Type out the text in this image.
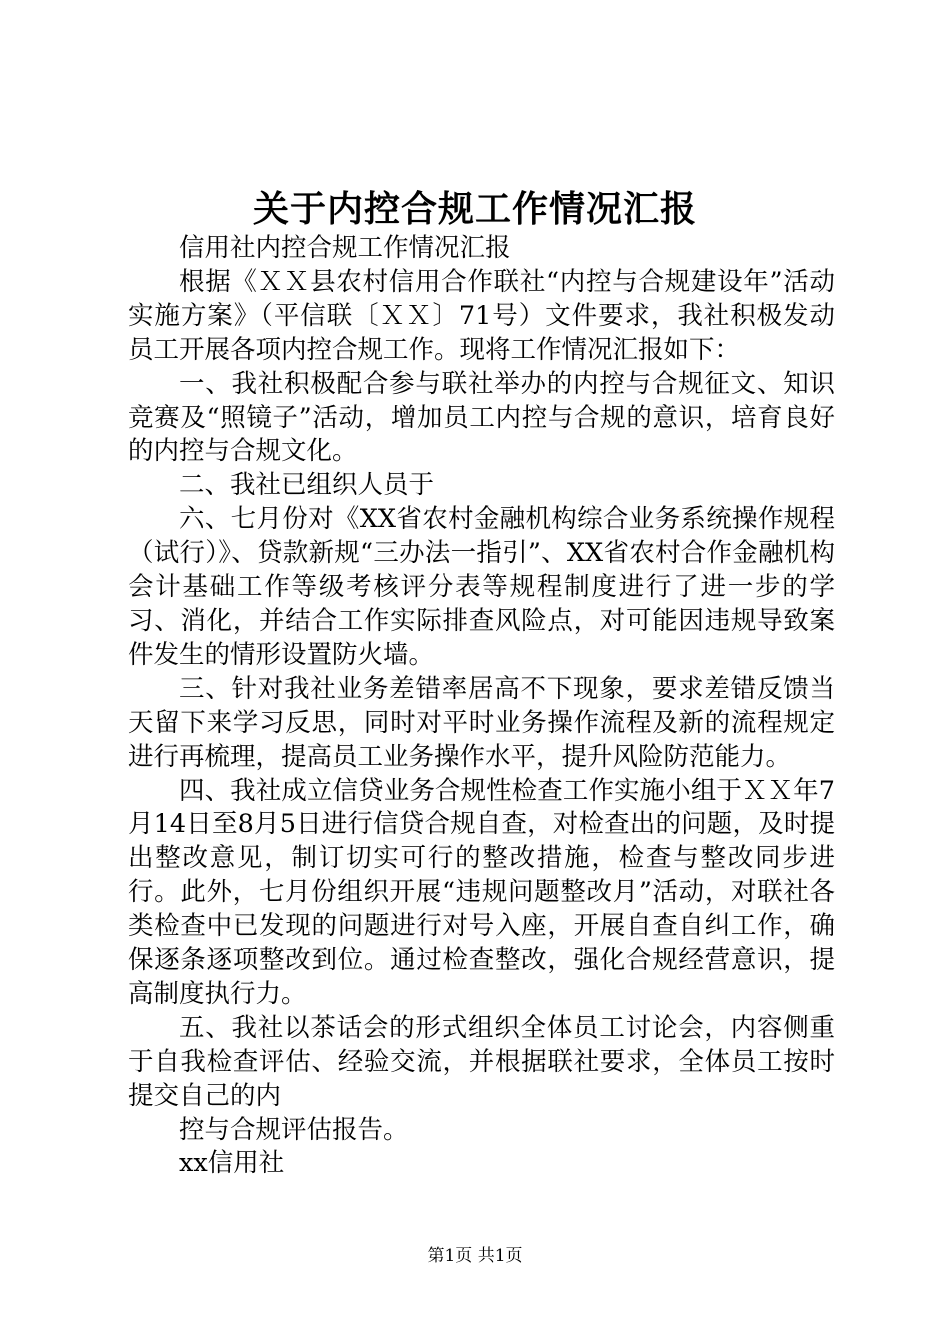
关于内控合规工作情况汇报

信用社内控合规工作情况汇报

根据《ＸＸ县农村信用合作联社“内控与合规建设年”活动实施方案》（平信联〔ＸＸ〕71号）文件要求，我社积极发动员工开展各项内控合规工作。现将工作情况汇报如下：

一、我社积极配合参与联社举办的内控与合规征文、知识竞赛及“照镜子”活动，增加员工内控与合规的意识，培育良好的内控与合规文化。

二、我社已组织人员于

六、七月份对《XX省农村金融机构综合业务系统操作规程（试行）》、贷款新规“三办法一指引”、XX省农村合作金融机构会计基础工作等级考核评分表等规程制度进行了进一步的学习、消化，并结合工作实际排查风险点，对可能因违规导致案件发生的情形设置防火墙。

三、针对我社业务差错率居高不下现象，要求差错反馈当天留下来学习反思，同时对平时业务操作流程及新的流程规定进行再梳理，提高员工业务操作水平，提升风险防范能力。

四、我社成立信贷业务合规性检查工作实施小组于ＸＸ年7月14日至8月5日进行信贷合规自查，对检查出的问题，及时提出整改意见，制订切实可行的整改措施，检查与整改同步进行。此外，七月份组织开展“违规问题整改月”活动，对联社各类检查中已发现的问题进行对号入座，开展自查自纠工作，确保逐条逐项整改到位。通过检查整改，强化合规经营意识，提高制度执行力。

五、我社以茶话会的形式组织全体员工讨论会，内容侧重于自我检查评估、经验交流，并根据联社要求，全体员工按时提交自己的内

控与合规评估报告。

xx信用社

第1页 共1页
